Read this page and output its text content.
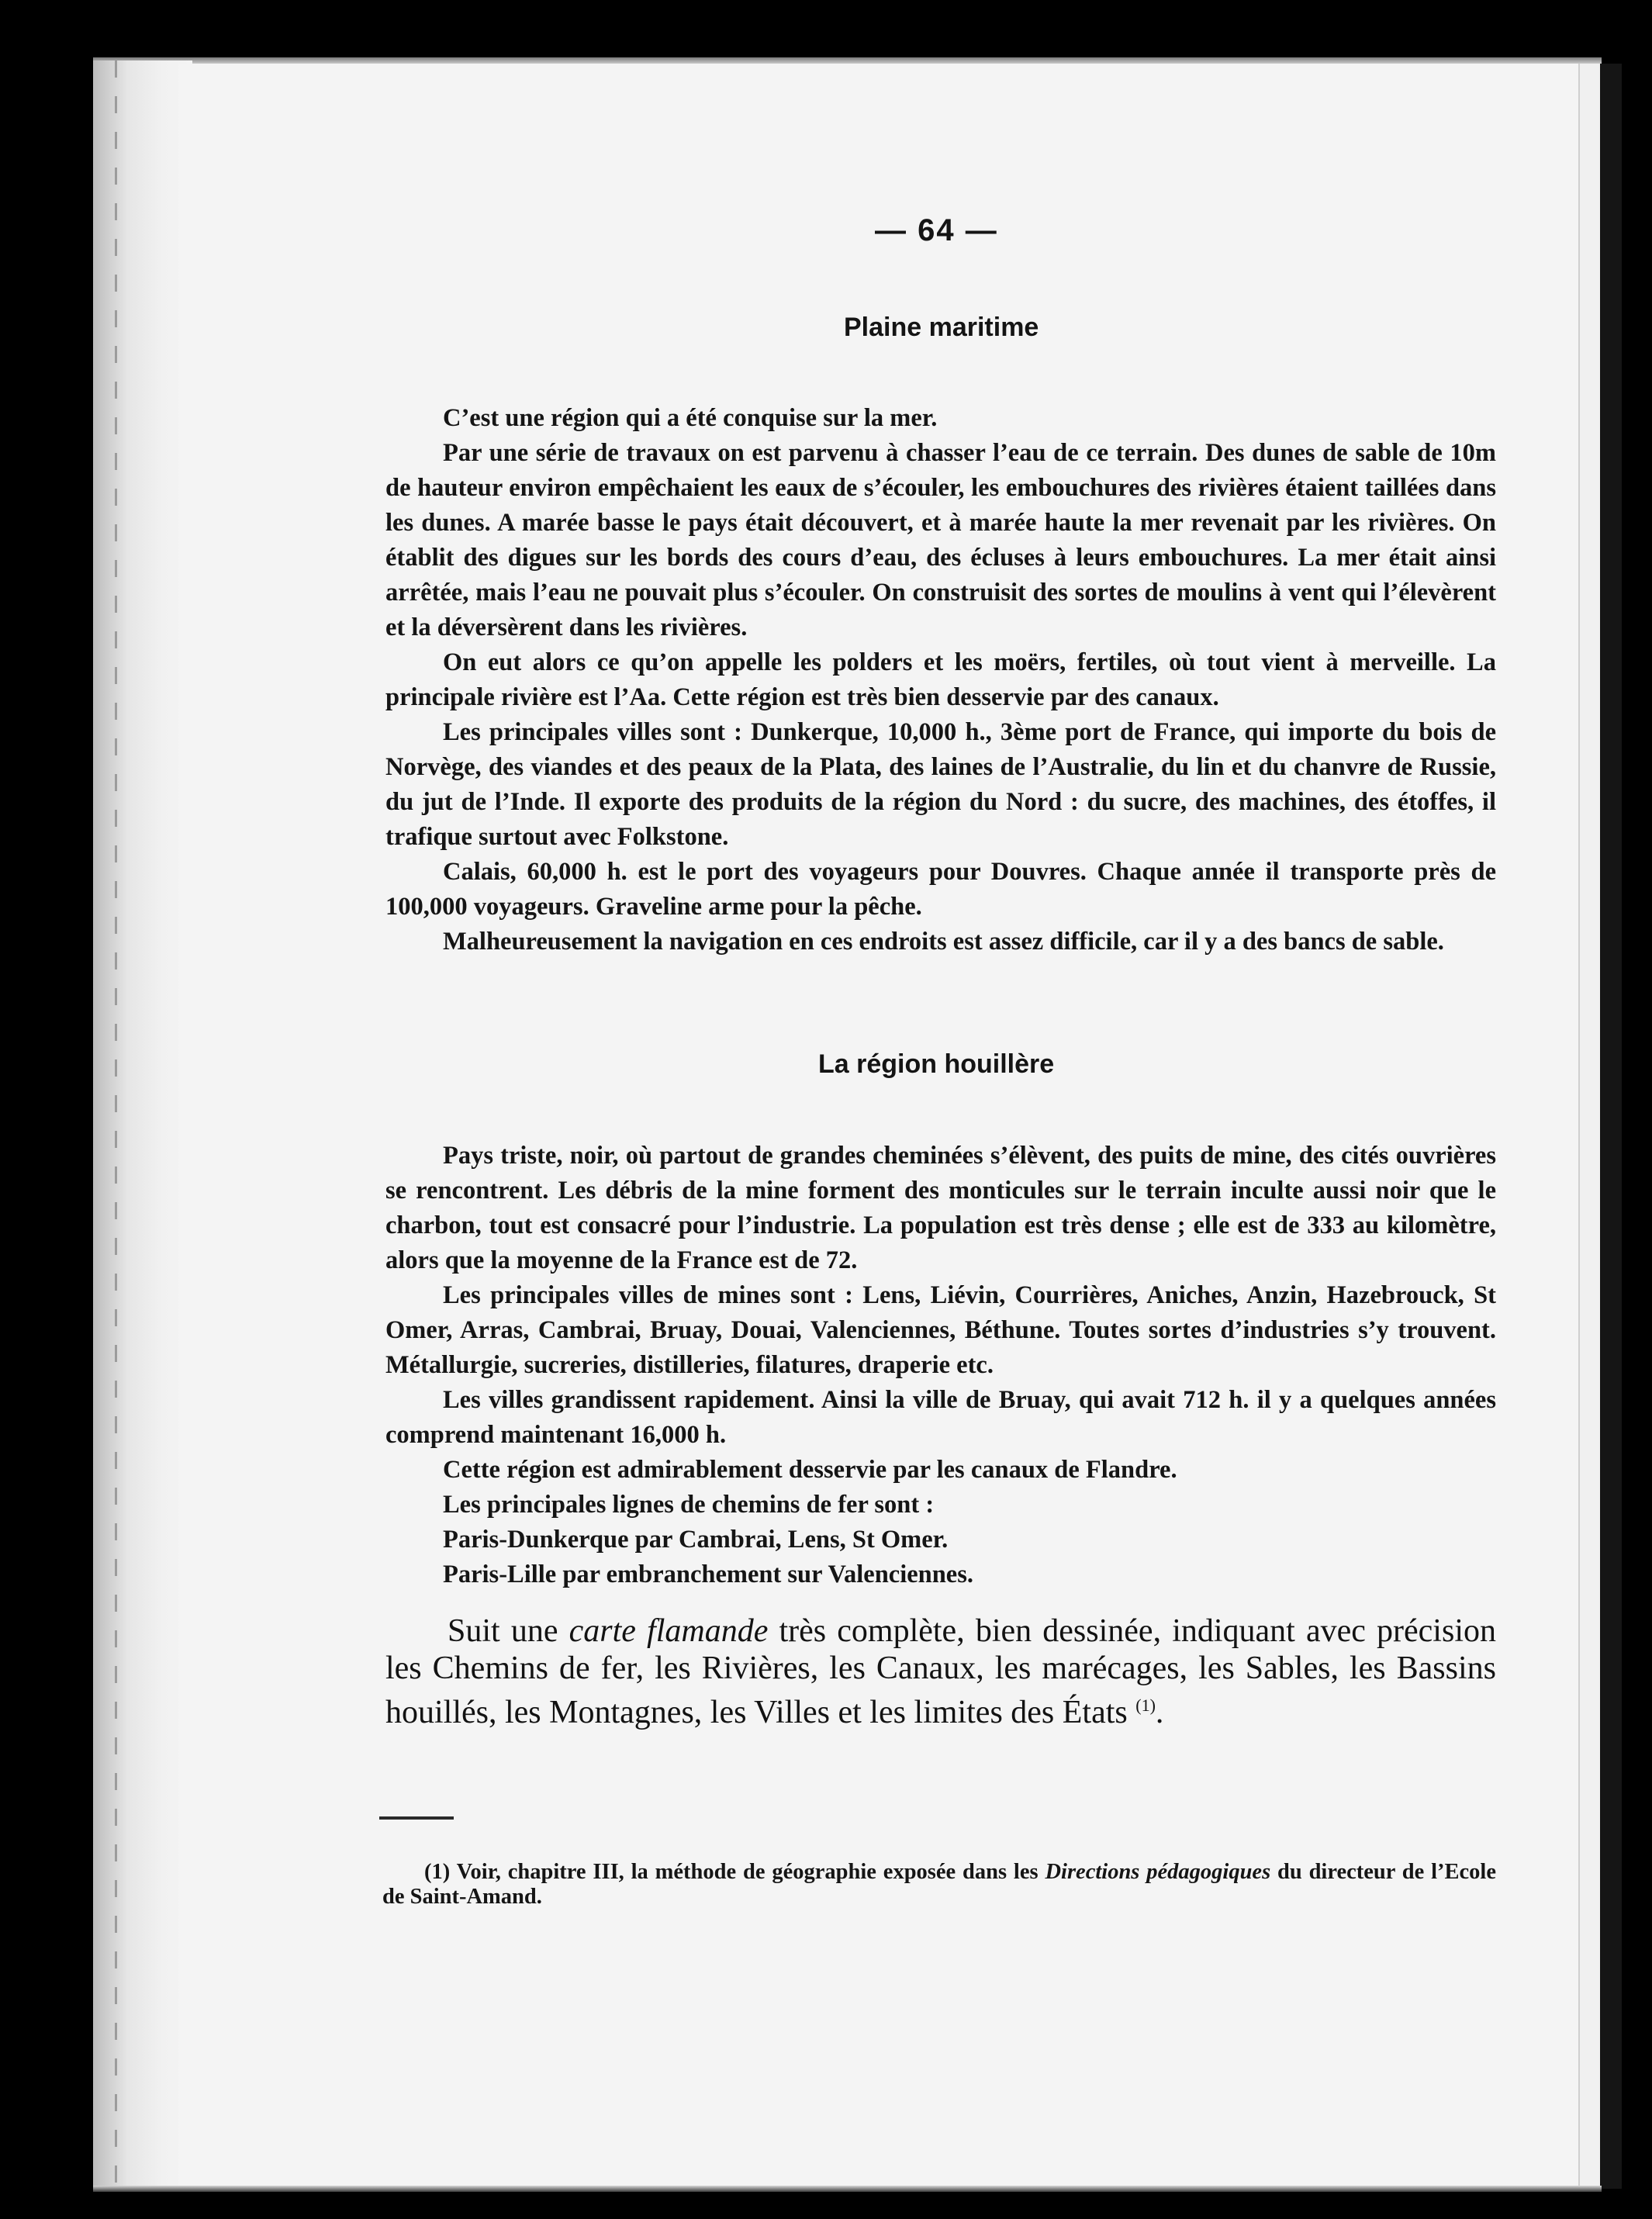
— 64 —
Plaine maritime

C’est une région qui a été conquise sur la mer.

Par une série de travaux on est parvenu à chasser l’eau de ce terrain. Des dunes de sable de 10m de hauteur environ empêchaient les eaux de s’écouler, les embouchures des rivières étaient taillées dans les dunes. A marée basse le pays était découvert, et à marée haute la mer revenait par les rivières. On établit des digues sur les bords des cours d’eau, des écluses à leurs embouchures. La mer était ainsi arrêtée, mais l’eau ne pouvait plus s’écouler. On construisit des sortes de moulins à vent qui l’élevèrent et la déversèrent dans les rivières.

On eut alors ce qu’on appelle les polders et les moërs, fertiles, où tout vient à merveille. La principale rivière est l’Aa. Cette région est très bien desservie par des canaux.

Les principales villes sont : Dunkerque, 10,000 h., 3ème port de France, qui importe du bois de Norvège, des viandes et des peaux de la Plata, des laines de l’Australie, du lin et du chanvre de Russie, du jut de l’Inde. Il exporte des produits de la région du Nord : du sucre, des machines, des étoffes, il trafique surtout avec Folkstone.

Calais, 60,000 h. est le port des voyageurs pour Douvres. Chaque année il transporte près de 100,000 voyageurs. Graveline arme pour la pêche.

Malheureusement la navigation en ces endroits est assez difficile, car il y a des bancs de sable.

La région houillère

Pays triste, noir, où partout de grandes cheminées s’élèvent, des puits de mine, des cités ouvrières se rencontrent. Les débris de la mine forment des monticules sur le terrain inculte aussi noir que le charbon, tout est consacré pour l’industrie. La population est très dense ; elle est de 333 au kilomètre, alors que la moyenne de la France est de 72.

Les principales villes de mines sont : Lens, Liévin, Courrières, Aniches, Anzin, Hazebrouck, St Omer, Arras, Cambrai, Bruay, Douai, Valenciennes, Béthune. Toutes sortes d’industries s’y trouvent. Métallurgie, sucreries, distilleries, filatures, draperie etc.

Les villes grandissent rapidement. Ainsi la ville de Bruay, qui avait 712 h. il y a quelques années comprend maintenant 16,000 h.

Cette région est admirablement desservie par les canaux de Flandre.

Les principales lignes de chemins de fer sont :

Paris-Dunkerque par Cambrai, Lens, St Omer.

Paris-Lille par embranchement sur Valenciennes.

Suit une carte flamande très complète, bien dessinée, indiquant avec précision les Chemins de fer, les Rivières, les Canaux, les marécages, les Sables, les Bassins houillés, les Montagnes, les Villes et les limites des États $^{(1)}$.
(1) Voir, chapitre III, la méthode de géographie exposée dans les Directions pédagogiques du directeur de l’Ecole de Saint-Amand.
